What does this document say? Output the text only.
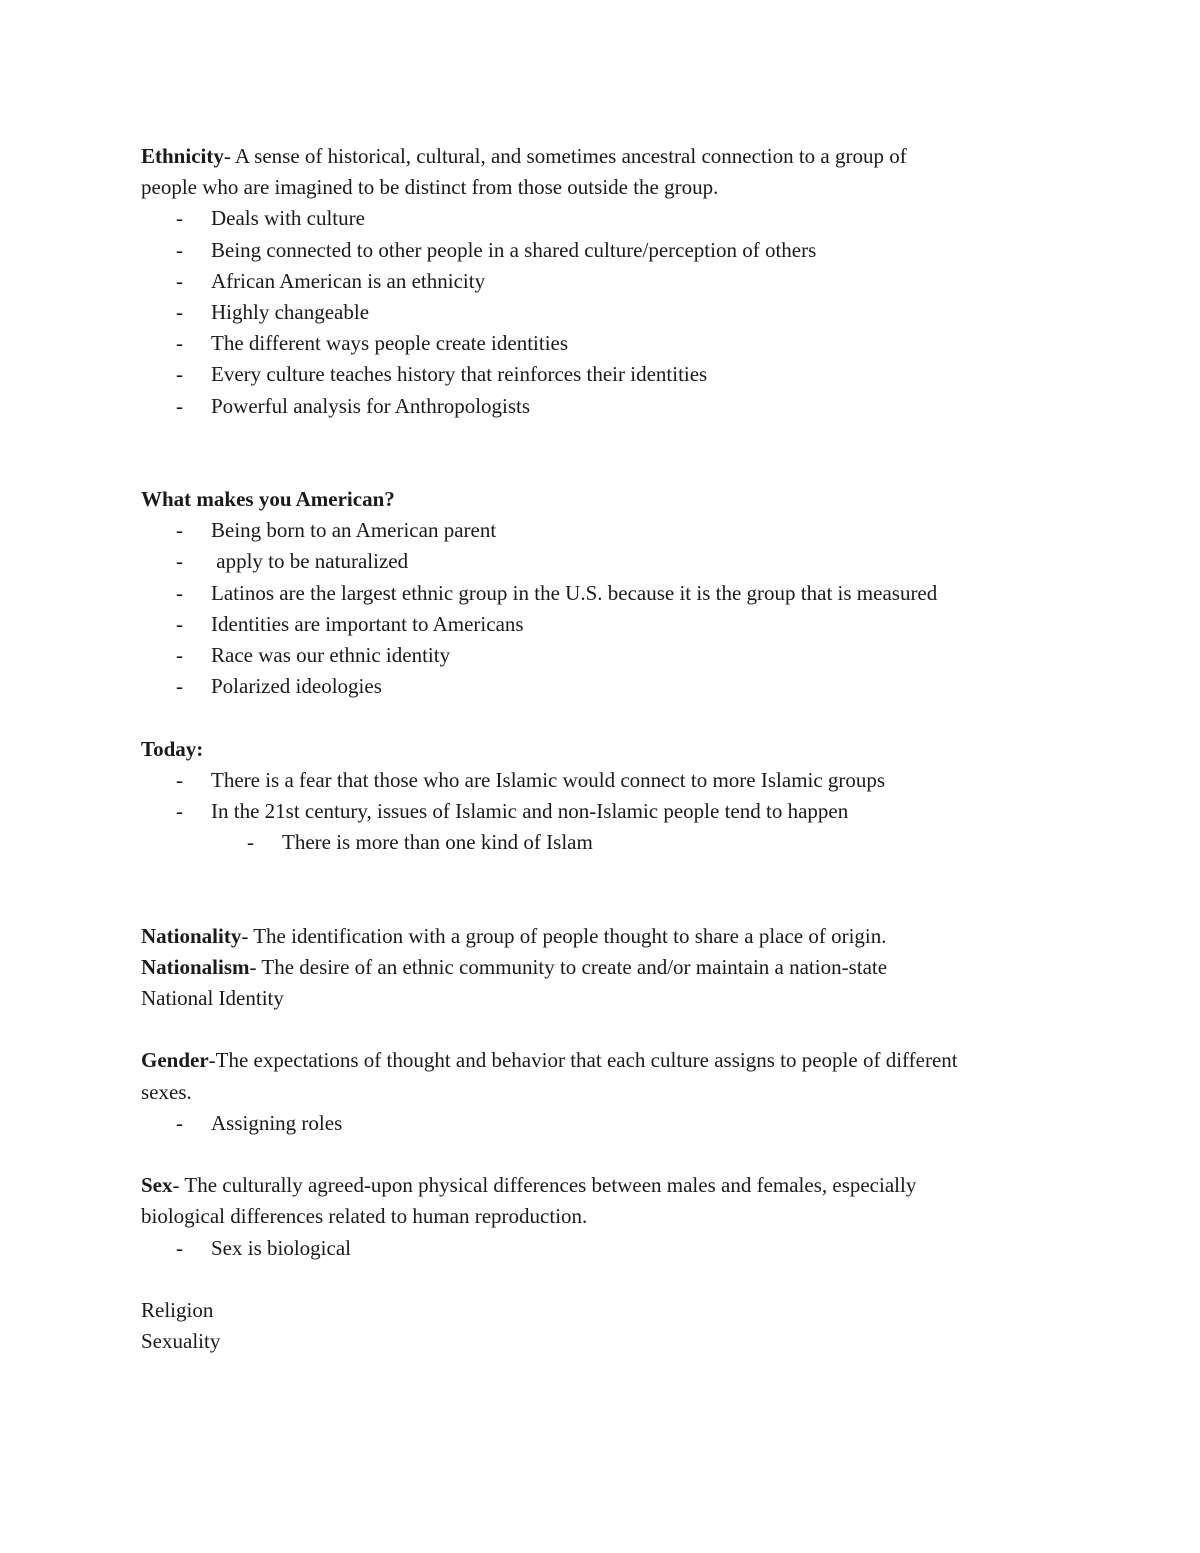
Ethnicity- A sense of historical, cultural, and sometimes ancestral connection to a group of
people who are imagined to be distinct from those outside the group.
- Deals with culture
- Being connected to other people in a shared culture/perception of others
- African American is an ethnicity
- Highly changeable
- The different ways people create identities
- Every culture teaches history that reinforces their identities
- Powerful analysis for Anthropologists
What makes you American?
- Being born to an American parent
- apply to be naturalized
- Latinos are the largest ethnic group in the U.S. because it is the group that is measured
- Identities are important to Americans
- Race was our ethnic identity
- Polarized ideologies
Today:
- There is a fear that those who are Islamic would connect to more Islamic groups
- In the 21st century, issues of Islamic and non-Islamic people tend to happen
- There is more than one kind of Islam
Nationality- The identification with a group of people thought to share a place of origin.
Nationalism- The desire of an ethnic community to create and/or maintain a nation-state
National Identity
Gender-The expectations of thought and behavior that each culture assigns to people of different
sexes.
- Assigning roles
Sex- The culturally agreed-upon physical differences between males and females, especially
biological differences related to human reproduction.
- Sex is biological
Religion
Sexuality
